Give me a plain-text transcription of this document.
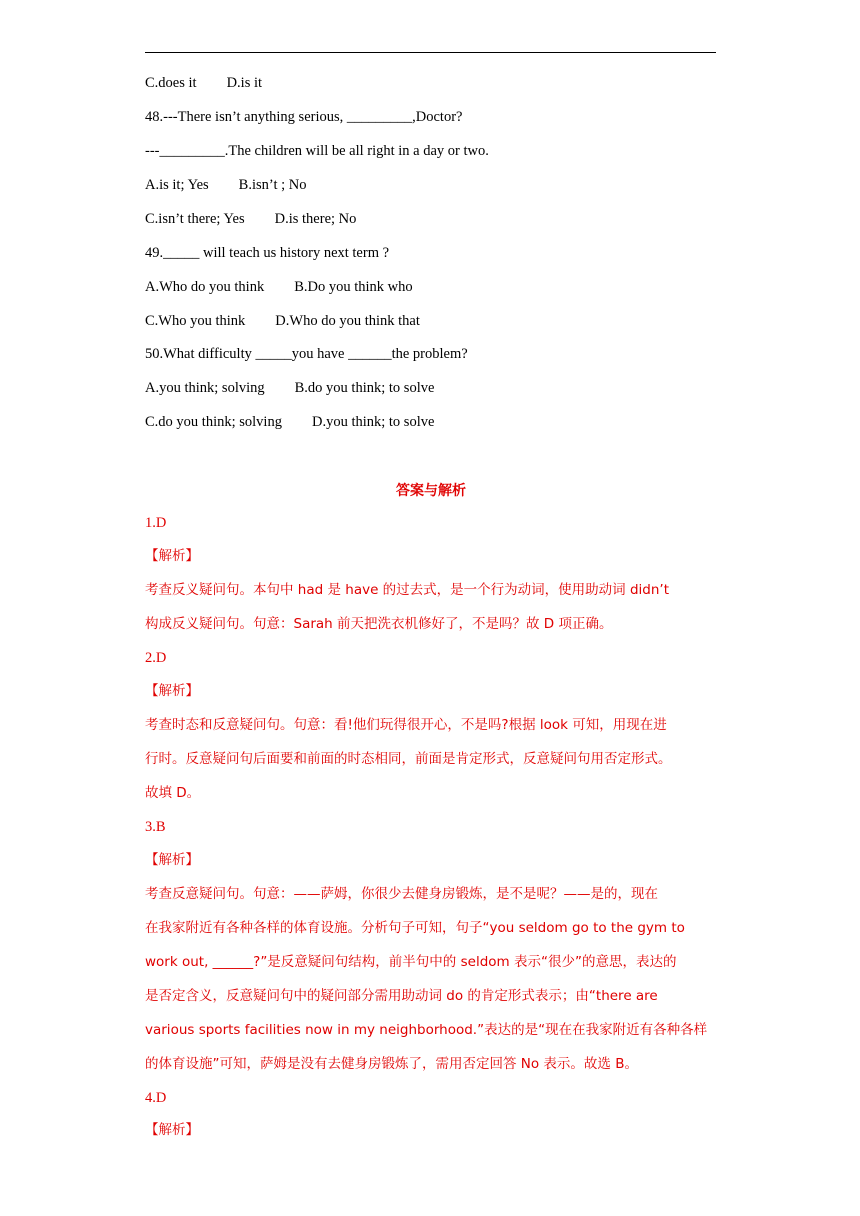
C.does it D.is it
48.---There isn’t anything serious, _________,Doctor?
---_________.The children will be all right in a day or two.
A.is it; Yes B.isn’t ; No
C.isn’t there; Yes D.is there; No
49._____ will teach us history next term ?
A.Who do you think B.Do you think who
C.Who you think D.Who do you think that
50.What difficulty _____you have ______the problem?
A.you think; solving B.do you think; to solve
C.do you think; solving D.you think; to solve
答案与解析
1.D
【解析】
考查反义疑问句。本句中 had 是 have 的过去式，是一个行为动词，使用助动词 didn’t
构成反义疑问句。句意：Sarah 前天把洗衣机修好了，不是吗？故 D 项正确。
2.D
【解析】
考查时态和反意疑问句。句意：看!他们玩得很开心，不是吗?根据 look 可知，用现在进
行时。反意疑问句后面要和前面的时态相同，前面是肯定形式，反意疑问句用否定形式。
故填 D。
3.B
【解析】
考查反意疑问句。句意：——萨姆，你很少去健身房锻炼，是不是呢？——是的，现在
在我家附近有各种各样的体育设施。分析句子可知，句子“you seldom go to the gym to
work out, ______?”是反意疑问句结构，前半句中的 seldom 表示“很少”的意思，表达的
是否定含义，反意疑问句中的疑问部分需用助动词 do 的肯定形式表示；由“there are
various sports facilities now in my neighborhood.”表达的是“现在在我家附近有各种各样
的体育设施”可知，萨姆是没有去健身房锻炼了，需用否定回答 No 表示。故选 B。
4.D
【解析】
